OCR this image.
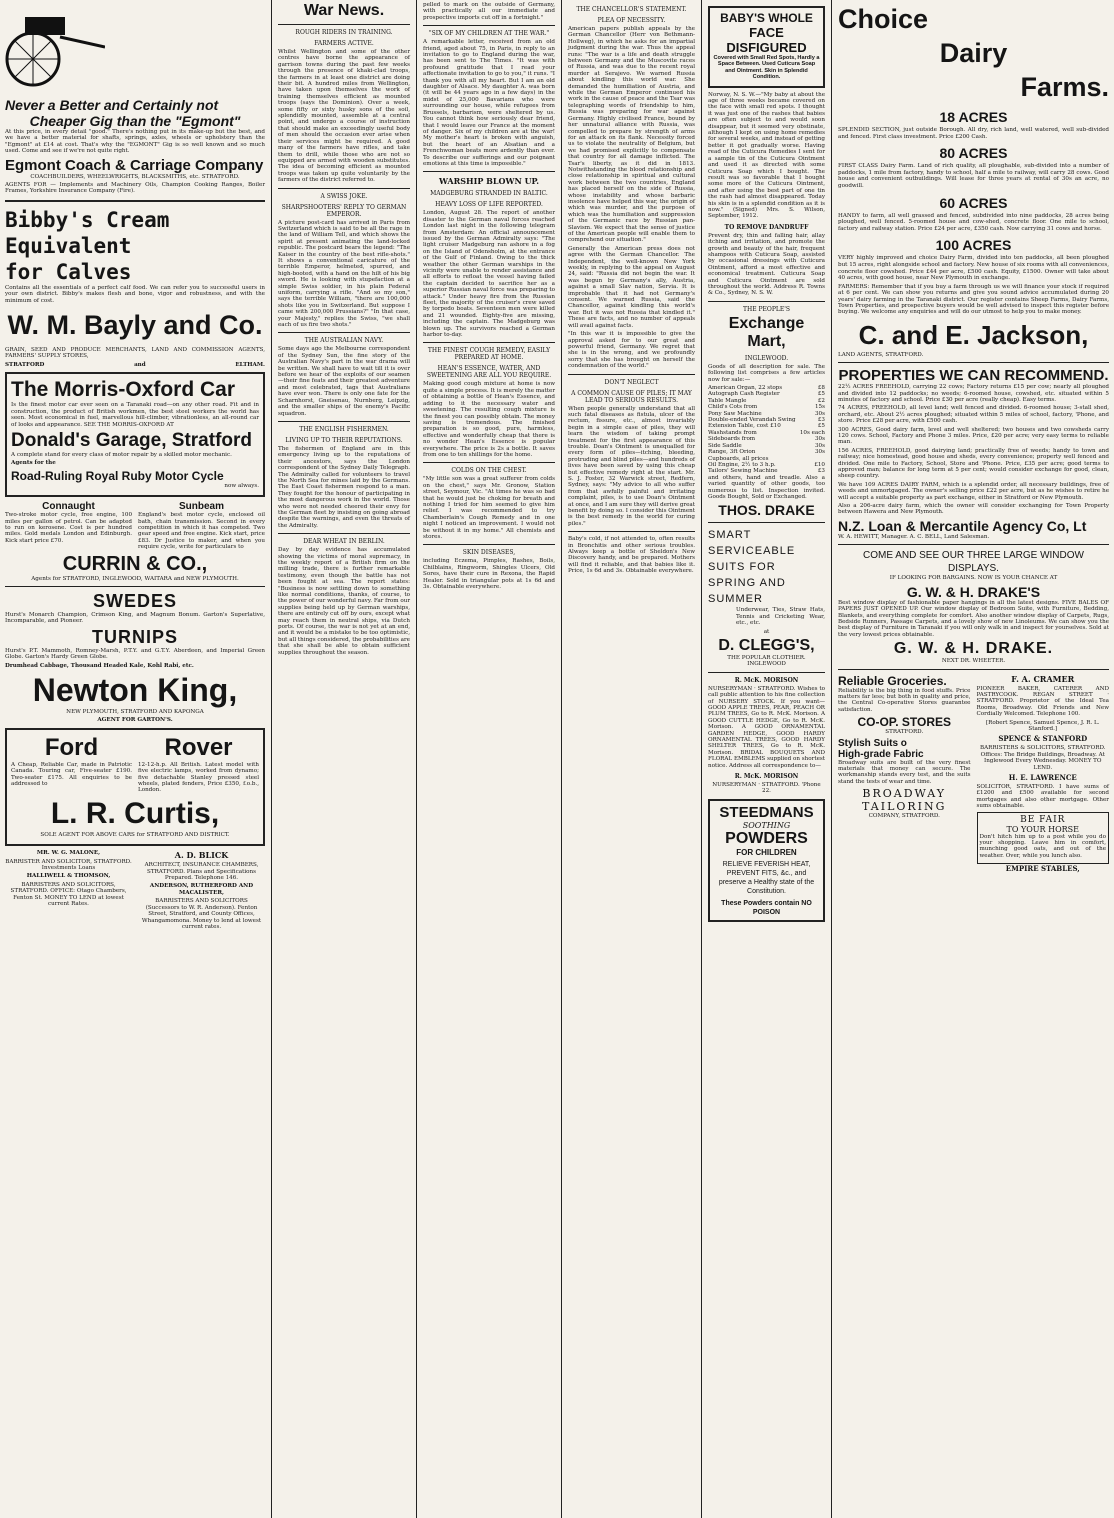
Never a Better and Certainly not
Cheaper Gig than the "Egmont"

At this price, in every detail "good." There's nothing put in its make-up but the best, and we have a better material for shafts, springs, axles, wheels or upholstery than the "Egmont" at £14 at cost. That's why the "EGMONT" Gig is so well known and so much used. Come and see if we're not quite right.

Egmont Coach & Carriage Company

COACHBUILDERS, WHEELWRIGHTS, BLACKSMITHS, etc. STRATFORD.

AGENTS FOR — Implements and Machinery Oils, Champion Cooking Ranges, Boiler Frames, Yorkshire Insurance Company (Fire).

Bibby's Cream Equivalent
for Calves

Contains all the essentials of a perfect calf food. We can refer you to successful users in your own district. Bibby's makes flesh and bone, vigor and robustness, and with the minimum of cost.

W. M. Bayly and Co.

GRAIN, SEED AND PRODUCE MERCHANTS, LAND AND COMMISSION AGENTS, FARMERS' SUPPLY STORES,

STRATFORD	and	ELTHAM.
The Morris-Oxford Car

Is the finest motor car ever seen on a Taranaki road—on any other road. Fit and in construction, the product of British workmen, the best steel workers the world has seen. Most economical in fuel, marvellous hill-climber, vibrationless, an all-round car of looks and appearance. SEE THE MORRIS-OXFORD AT

Donald's Garage, Stratford

A complete stand for every class of motor repair by a skilled motor mechanic.

Agents for the
Road-Ruling Royal Ruby Motor Cycle
now always.
Connaught

Two-stroke motor cycle, free engine, 100 miles per gallon of petrol. Can be adapted to run on kerosene. Cost is per hundred miles. Gold medals London and Edinburgh. Kick start price £70.

Sunbeam

England's best motor cycle, enclosed oil bath, chain transmission. Second in every competition in which it has competed. Two gear speed and free engine. Kick start, price £83. Dr Justice to maker, and when you require cycle, write for particulars to

CURRIN & CO.,

Agents for STRATFORD, INGLEWOOD, WAITARA and NEW PLYMOUTH.

SWEDES

Hurst's Monarch Champion, Crimson King, and Magnum Bonum. Garton's Superlative, Incomparable, and Pioneer.

TURNIPS

Hurst's P.T. Mammoth, Romney-Marsh, P.T.Y. and G.T.Y. Aberdeen, and Imperial Green Globe. Garton's Hardy Green Globe.

Drumhead Cabbage, Thousand Headed Kale, Kohl Rabi, etc.

Newton King,

NEW PLYMOUTH, STRATFORD AND KAPONGA

AGENT FOR GARTON'S.

Ford

A Cheap, Reliable Car, made in Patriotic Canada. Touring car, Five-seater £190. Two-seater £175. All enquiries to be addressed to

Rover

12-12-h.p. All British. Latest model with five electric lamps, worked from dynamo; five detachable Stanley pressed steel wheels, plated fenders, Price £350, f.o.b., London.

L. R. Curtis,

SOLE AGENT FOR ABOVE CARS for STRATFORD AND DISTRICT.

MR. W. G. MALONE,

BARRISTER AND SOLICITOR, STRATFORD. Investments Loans

HALLIWELL & THOMSON,

BARRISTERS AND SOLICITORS, STRATFORD. OFFICE: Otago Chambers, Fenton St. MONEY TO LEND at lowest current Rates.

A. D. BLICK

ARCHITECT, INSURANCE CHAMBERS, STRATFORD. Plans and Specifications Prepared. Telephone 146.

ANDERSON, RUTHERFORD AND MACALISTER,

BARRISTERS AND SOLICITORS (Successors to W. R. Anderson). Fenton Street, Stratford, and County Offices, Whangamomona. Money to lend at lowest current rates.

War News.
ROUGH RIDERS IN TRAINING.
FARMERS ACTIVE.

Whilst Wellington and some of the other centres have borne the appearance of garrison towns during the past few weeks through the presence of khaki-clad troops, the farmers in at least one district are doing their bit. A hundred miles from Wellington, have taken upon themselves the work of training themselves efficient as mounted troops (says the Dominion). Over a week, some fifty or sixty husky sons of the soil, splendidly mounted, assemble at a central point, and undergo a course of instruction that should make an exceedingly useful body of men should the occasion ever arise when their services might be required. A good many of the farmers have rifles, and take them to drill, while those who are not so equipped are armed with wooden substitutes. The idea of becoming efficient as mounted troops was taken up quite voluntarily by the farmers of the district referred to.

A SWISS JOKE.
SHARPSHOOTERS' REPLY TO GERMAN EMPEROR.

A picture post-card has arrived in Paris from Switzerland which is said to be all the rage in the land of William Tell, and which shows the spirit at present animating the land-locked republic. The postcard bears the legend: "The Kaiser in the country of the best rifle-shots." It shows a conventional caricature of the terrible Emperor, helmeted, spurred, and high-booted, with a hand on the hilt of his big sword. He is looking with stupefaction at a simple Swiss soldier, in his plain Federal uniform, carrying a rifle. "And so my son," says the terrible William, "there are 100,000 shots like you in Switzerland. But suppose I came with 200,000 Prussians?" "In that case, your Majesty," replies the Swiss, "we shall each of us fire two shots."

THE AUSTRALIAN NAVY.

Some days ago the Melbourne correspondent of the Sydney Sun, the fine story of the Australian Navy's part in the war drama will be written. We shall have to wait till it is over before we hear of the exploits of our seamen—their fine feats and their greatest adventure and most celebrated, tags that Australians have ever won. There is only one fate for the Scharnhorst, Gneisenau, Nurnberg, Leipzig, and the smaller ships of the enemy's Pacific squadron.

THE ENGLISH FISHERMEN.
LIVING UP TO THEIR REPUTATIONS.

The fishermen of England are in this emergency living up to the reputations of their ancestors, says the London correspondent of the Sydney Daily Telegraph. The Admiralty called for volunteers to travel the North Sea for mines laid by the Germans. The East Coast fishermen respond to a man. They fought for the honour of participating in the most dangerous work in the world. Those who were not needed cheered their envy for the German fleet by insisting on going abroad despite the warnings, and even the threats of the Admiralty.

DEAR WHEAT IN BERLIN.

Day by day evidence has accumulated showing the victims of moral supremacy, in the weekly report of a British firm on the milling trade, there is further remarkable testimony, even though the battle has not been fought at sea. The report states: "Business is now settling down to something like normal conditions, thanks, of course, to the power of our wonderful navy. Far from our supplies being held up by German warships, there are entirely cut off by ours, except what may reach them in neutral ships, via Dutch ports. Of course, the war is not yet at an end, and it would be a mistake to be too optimistic, but all things considered, the probabilities are that she shall be able to obtain sufficient supplies throughout the season.

pelled to mark on the outside of Germany, with practically all our immediate and prospective imports cut off in a fortnight."

"SIX OF MY CHILDREN AT THE WAR."

A remarkable letter, received from an old friend, aged about 75, in Paris, in reply to an invitation to go to England during the war, has been sent to The Times. "It was with profound gratitude that I read your affectionate invitation to go to you," it runs. "I thank you with all my heart. But I am an old daughter of Alsace. My daughter A. was born (it will be 44 years ago in a few days) in the midst of 25,000 Bavarians who were surrounding our house, while refugees from Brussels, barbarism, were sheltered by us. You cannot think how seriously dear friend, that I would leave our France at the moment of danger. Six of my children are at the war! My mother's heart is broken with anguish, but the heart of an Alsatian and a Frenchwoman beats more ardently than ever. To describe our sufferings and our poignant emotions at this time is impossible."

WARSHIP BLOWN UP.
MADGEBURG STRANDED IN BALTIC.
HEAVY LOSS OF LIFE REPORTED.

London, August 28. The report of another disaster to the German naval forces reached London last night in the following telegram from Amsterdam: An official announcement issued by the German Admiralty says: "The light cruiser Madgeburg ran ashore in a fog on the Island of Odensholm, at the entrance of the Gulf of Finland. Owing to the thick weather the other German warships in the vicinity were unable to render assistance and all efforts to refloat the vessel having failed the captain decided to sacrifice her as a superior Russian naval force was preparing to attack." Under heavy fire from the Russian fleet, the majority of the cruiser's crew saved by torpedo boats. Seventeen men were killed and 21 wounded. Eighty-five are missing, including the captain. The Madgeburg was blown up. The survivors reached a German harbor to-day.

THE FINEST COUGH REMEDY, EASILY PREPARED AT HOME.
HEAN'S ESSENCE, WATER, AND SWEETENING ARE ALL YOU REQUIRE.

Making good cough mixture at home is now quite a simple process. It is merely the matter of obtaining a bottle of Hean's Essence, and adding to it the necessary water and sweetening. The resulting cough mixture is the finest you can possibly obtain. The money saving is tremendous. The finished preparation is so good, pure, harmless, effective and wonderfully cheap that there is no wonder Hean's Essence is popular everywhere. The price is 2s a bottle. It saves from one to ten shillings for the home.

COLDS ON THE CHEST.

"My little son was a great sufferer from colds on the chest," says Mr. Gronow, Station street, Seymour, Vic. "At times he was so bad that he would just be choking for breath and nothing I tried for him seemed to give him relief. I was recommended to try Chamberlain's Cough Remedy and in one night I noticed an improvement. I would not be without it in my home." All chemists and stores.

SKIN DISEASES,

including Eczema, Pimples, Rashes, Boils, Chilblains, Ringworm, Shingles Ulcers, Old Sores, have their cure in Rexona, the Rapid Healer. Sold in triangular pots at 1s 6d and 3s. Obtainable everywhere.

THE CHANCELLOR'S STATEMENT.
PLEA OF NECESSITY.

American papers publish appeals by the German Chancellor (Herr von Bethmann-Hollweg), in which he asks for an impartial judgment during the war. Thus the appeal runs: "The war is a life and death struggle between Germany and the Muscovite races of Russia, and was due to the recent royal murder at Serajevo. We warned Russia about kindling this world war. She demanded the humiliation of Austria, and while the German Emperor continued his work in the cause of peace and the Tsar was telegraphing words of friendship to him, Russia was preparing for war against Germany. Highly civilised France, bound by her unnatural alliance with Russia, was compelled to prepare by strength of arms for an attack on its flank. Necessity forced us to violate the neutrality of Belgium, but we had promised explicitly to compensate that country for all damage inflicted. The Tsar's liberty, as it did in 1813. Notwithstanding the blood relationship and close relationship in spiritual and cultural work between the two countries, England has placed herself on the side of Russia, whose instability and whose barbaric insolence have helped this war, the origin of which was murder, and the purpose of which was the humiliation and suppression of the Germanic race by Russian pan-Slavism. We expect that the sense of justice of the American people will enable them to comprehend our situation."

Generally the American press does not agree with the German Chancellor. The Independent, the well-known New York weekly, in replying to the appeal on August 24, said: "Russia did not begin the war. It was begun by Germany's ally, Austria, against a small Slav nation, Servia. It is improbable that it had not Germany's consent. We warned Russia, said the Chancellor, against kindling this world's war. But it was not Russia that kindled it." These are facts, and no number of appeals will avail against facts.

"In this war it is impossible to give the approval asked for to our great and powerful friend, Germany. We regret that she is in the wrong, and we profoundly sorry that she has brought on herself the condemnation of the world."

DON'T NEGLECT
A COMMON CAUSE OF PILES; IT MAY LEAD TO SERIOUS RESULTS.

When people generally understand that all such fatal diseases as fistula, ulcer of the rectum, fissure, etc., almost invariably begin in a simple case of piles, they will learn the wisdom of taking prompt treatment for the first appearance of this trouble. Doan's Ointment is unequalled for every form of piles—itching, bleeding, protruding and blind piles—and hundreds of lives have been saved by using this cheap but effective remedy right at the start. Mr. S. J. Foster, 32 Warwick street, Redfern, Sydney, says: "My advice to all who suffer from that awfully painful and irritating complaint, piles, is to use Doan's Ointment at once, and I am sure they will derive great benefit by doing so. I consider this Ointment is the best remedy in the world for curing piles."

Baby's cold, if not attended to, often results in Bronchitis and other serious troubles. Always keep a bottle of Sheldon's New Discovery handy, and be prepared. Mothers will find it reliable, and that babies like it. Price, 1s 6d and 3s. Obtainable everywhere.

BABY'S WHOLE
FACE DISFIGURED

Covered with Small Red Spots, Hardly a Space Between. Used Cuticura Soap and Ointment. Skin in Splendid Condition.

Norway, N. S. W.—"My baby at about the age of three weeks became covered on the face with small red spots. I thought it was just one of the rashes that babies are often subject to and would soon disappear, but it seemed very obstinate, although I kept on using home remedies for several weeks, and instead of getting better it got gradually worse. Having read of the Cuticura Remedies I sent for a sample tin of the Cuticura Ointment and used it as directed with some Cuticura Soap which I bought. The result was so favorable that I bought some more of the Cuticura Ointment, and after using the best part of one tin the rash had almost disappeared. Today his skin is in a splendid condition as it is now." (Signed) Mrs. S. Wilson, September, 1912.

TO REMOVE DANDRUFF

Prevent dry, thin and falling hair, allay itching and irritation, and promote the growth and beauty of the hair, frequent shampoos with Cuticura Soap, assisted by occasional dressings with Cuticura Ointment, afford a most effective and economical treatment. Cuticura Soap and Cuticura Ointment are sold throughout the world. Address R. Towns & Co., Sydney, N. S. W.

THE PEOPLE'S
Exchange Mart,
INGLEWOOD.

Goods of all description for sale. The following list comprises a few articles now for sale:—

American Organ, 22 stops	£8
Autograph Cash Register	£5
Table Mangle	£2
Child's Cots from	15s
Pony Saw Machine	30s
Double-ended Verandah Swing	£3
Extension Table, cost £10	£5
Washstands from	10s each
Sideboards from	30s
Side Saddle	30s
Range, 3ft Orion	30s
Cupboards, all prices
Oil Engine, 2½ to 3 h.p.	£10
Tailors' Sewing Machine	£3

and others, hand and treadle. Also a varied quantity of other goods, too numerous to list. Inspection invited. Goods Bought, Sold or Exchanged.

THOS. DRAKE
SMART
SERVICEABLE
SUITS FOR
SPRING AND
SUMMER

Underwear, Ties, Straw Hats, Tennis and Cricketing Wear, etc., etc.

at

D. CLEGG'S,

THE POPULAR CLOTHIER. INGLEWOOD

R. McK. MORISON

NURSERYMAN · STRATFORD. Wishes to call public attention to his fine collection of NURSERY STOCK. If you want—GOOD APPLE TREES, PEAR, PEACH OR PLUM TREES, Go to R. McK. Morison. A GOOD CUTTLE HEDGE, Go to R. McK. Morison. A GOOD ORNAMENTAL GARDEN HEDGE, GOOD HARDY ORNAMENTAL TREES, GOOD HARDY SHELTER TREES, Go to R. McK. Morison. BRIDAL BOUQUETS AND FLORAL EMBLEMS supplied on shortest notice. Address all correspondence to—

R. McK. MORISON

NURSERYMAN · STRATFORD. 'Phone 22.

STEEDMANS
SOOTHING
POWDERS
FOR CHILDREN
RELIEVE FEVERISH HEAT, PREVENT FITS, &c., and preserve a Healthy state of the Constitution.
These Powders contain NO POISON
Choice
Dairy
Farms.
18 ACRES

SPLENDID SECTION, just outside Borough. All dry, rich land, well watered, well sub-divided and fenced. First class investment. Price £200 Cash.

80 ACRES

FIRST CLASS Dairy Farm. Land of rich quality, all ploughable, sub-divided into a number of paddocks, 1 mile from factory, handy to school, half a mile to railway, will carry 28 cows. Good house and convenient outbuildings. Will lease for three years at rental of 30s an acre, no goodwill.

60 ACRES

HANDY to farm, all well grassed and fenced, subdivided into nine paddocks, 28 acres being ploughed, well fenced. 5-roomed house and cow-shed, concrete floor. One mile to school, factory and railway station. Price £24 per acre, £350 cash. Now carrying 31 cows and horse.

100 ACRES

VERY highly improved and choice Dairy Farm, divided into ten paddocks, all been ploughed but 15 acres, right alongside school and factory. New house of six rooms with all conveniences, concrete floor cowshed. Price £44 per acre, £500 cash. Equity, £1500. Owner will take about 40 acres, with good house, near New Plymouth in exchange.

FARMERS: Remember that if you buy a farm through us we will finance your stock if required at 6 per cent. We can show you returns and give you sound advice accumulated during 20 years' dairy farming in the Taranaki district. Our register contains Sheep Farms, Dairy Farms, Town Properties, and prospective buyers would be well advised to inspect this register before buying. We welcome any enquiries and will do our utmost to help you to make money.

C. and E. Jackson,

LAND AGENTS, STRATFORD.

PROPERTIES WE CAN RECOMMEND.

22½ ACRES FREEHOLD, carrying 22 cows; Factory returns £15 per cow; nearly all ploughed and divided into 12 paddocks; no weeds; 6-roomed house, cowshed, etc. situated within 5 minutes of factory and school. Price £30 per acre (really cheap). Easy terms.

74 ACRES, FREEHOLD, all level land; well fenced and divided. 6-roomed house; 3-stall shed, orchard, etc. About 2½ acres ploughed; situated within 5 miles of school, factory, 'Phone, and store. Price £28 per acre, with £500 cash.

300 ACRES, Good dairy farm, level and well sheltered; two houses and two cowsheds carry 120 cows. School, Factory and Phone 3 miles. Price, £20 per acre; very easy terms to reliable man.

156 ACRES, FREEHOLD, good dairying land; practically free of weeds; handy to town and railway; nice homestead, good house and sheds, every convenience; property well fenced and divided. One mile to Factory, School, Store and 'Phone. Price, £35 per acre; good terms to approved man; balance for long term at 5 per cent; would consider exchange for good, clean, sheep country.

We have 109 ACRES DAIRY FARM, which is a splendid order, all necessary buildings, free of weeds and unmortgaged. The owner's selling price £22 per acre, but as he wishes to retire he will accept a suitable property as part exchange, either in Stratford or New Plymouth.

Also a 206-acre dairy farm, which the owner will consider exchanging for Town Property between Hawera and New Plymouth.

N.Z. Loan & Mercantile Agency Co, Lt

W. A. HEWITT, Manager. A. C. BELL, Land Salesman.

COME AND SEE OUR THREE LARGE WINDOW DISPLAYS.

IF LOOKING FOR BARGAINS. NOW IS YOUR CHANCE AT

G. W. & H. DRAKE'S

Best window display of fashionable paper hangings in all the latest designs. FIVE BALES OF PAPERS JUST OPENED UP. Our window display of Bedroom Suite, with Furniture, Bedding, Blankets, and everything complete for comfort. Also another window display of Carpets, Rugs, Bedside Runners, Passage Carpets, and a lovely show of new Linoleums. We can show you the best display of Furniture in Taranaki if you will only walk in and inspect for yourselves. Sold at the very lowest prices obtainable.

G. W. & H. DRAKE.

NEXT DR. WHEETER.

Reliable Groceries.

Reliability is the big thing in food stuffs. Price matters far less; but both in quality and price, the Central Co-operative Stores guarantee satisfaction.

CO-OP. STORES

STRATFORD.

Stylish Suits o
High-grade Fabric

Broadway suits are built of the very finest materials that money can secure. The workmanship stands every test, and the suits stand the tests of wear and time.

BROADWAY
TAILORING

COMPANY, STRATFORD.

F. A. CRAMER

PIONEER BAKER, CATERER AND PASTRYCOOK. REGAN STREET · STRATFORD. Proprietor of the Ideal Tea Rooms, Broadway. Old Friends and New Cordially Welcomed. Telephone 100.

[Robert Spence, Samuel Spence, J. R. L. Stanford.]

SPENCE & STANFORD

BARRISTERS & SOLICITORS, STRATFORD. Offices: The Bridge Buildings, Broadway. At Inglewood Every Wednesday. MONEY TO LEND.

H. E. LAWRENCE

SOLICITOR, STRATFORD. I have sums of £1200 and £500 available for second mortgages and also other mortgage. Other sums obtainable.

BE FAIR
TO YOUR HORSE

Don't hitch him up to a post while you do your shopping. Leave him in comfort, munching good oats, and out of the weather. Over, while you lunch also.

EMPIRE STABLES,
